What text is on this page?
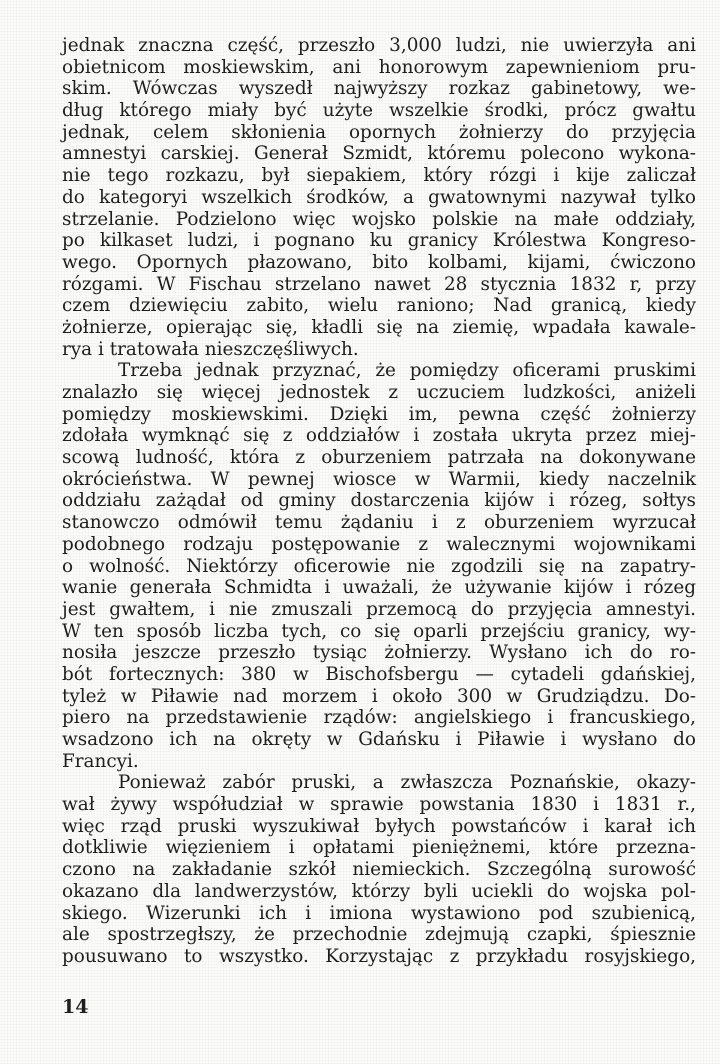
jednak znaczna część, przeszło 3,000 ludzi, nie uwierzyła ani
obietnicom moskiewskim, ani honorowym zapewnieniom pru-
skim. Wówczas wyszedł najwyższy rozkaz gabinetowy, we-
dług którego miały być użyte wszelkie środki, prócz gwałtu
jednak, celem skłonienia opornych żołnierzy do przyjęcia
amnestyi carskiej. Generał Szmidt, któremu polecono wykona-
nie tego rozkazu, był siepakiem, który rózgi i kije zaliczał
do kategoryi wszelkich środków, a gwatownymi nazywał tylko
strzelanie. Podzielono więc wojsko polskie na małe oddziały,
po kilkaset ludzi, i pognano ku granicy Królestwa Kongreso-
wego. Opornych płazowano, bito kolbami, kijami, ćwiczono
rózgami. W Fischau strzelano nawet 28 stycznia 1832 r, przy
czem dziewięciu zabito, wielu raniono; Nad granicą, kiedy
żołnierze, opierając się, kładli się na ziemię, wpadała kawale-
rya i tratowała nieszczęśliwych.
Trzeba jednak przyznać, że pomiędzy oficerami pruskimi
znalazło się więcej jednostek z uczuciem ludzkości, aniżeli
pomiędzy moskiewskimi. Dzięki im, pewna część żołnierzy
zdołała wymknąć się z oddziałów i została ukryta przez miej-
scową ludność, która z oburzeniem patrzała na dokonywane
okrócieństwa. W pewnej wiosce w Warmii, kiedy naczelnik
oddziału zażądał od gminy dostarczenia kijów i rózeg, sołtys
stanowczo odmówił temu żądaniu i z oburzeniem wyrzucał
podobnego rodzaju postępowanie z walecznymi wojownikami
o wolność. Niektórzy oficerowie nie zgodzili się na zapatry-
wanie generała Schmidta i uważali, że używanie kijów i rózeg
jest gwałtem, i nie zmuszali przemocą do przyjęcia amnestyi.
W ten sposób liczba tych, co się oparli przejściu granicy, wy-
nosiła jeszcze przeszło tysiąc żołnierzy. Wysłano ich do ro-
bót fortecznych: 380 w Bischofsbergu — cytadeli gdańskiej,
tyleż w Piławie nad morzem i około 300 w Grudziądzu. Do-
piero na przedstawienie rządów: angielskiego i francuskiego,
wsadzono ich na okręty w Gdańsku i Piławie i wysłano do
Francyi.
Ponieważ zabór pruski, a zwłaszcza Poznańskie, okazy-
wał żywy współudział w sprawie powstania 1830 i 1831 r.,
więc rząd pruski wyszukiwał byłych powstańców i karał ich
dotkliwie więzieniem i opłatami pieniężnemi, które przezna-
czono na zakładanie szkół niemieckich. Szczególną surowość
okazano dla landwerzystów, którzy byli uciekli do wojska pol-
skiego. Wizerunki ich i imiona wystawiono pod szubienicą,
ale spostrzegłszy, że przechodnie zdejmują czapki, śpiesznie
pousuwano to wszystko. Korzystając z przykładu rosyjskiego,
14
